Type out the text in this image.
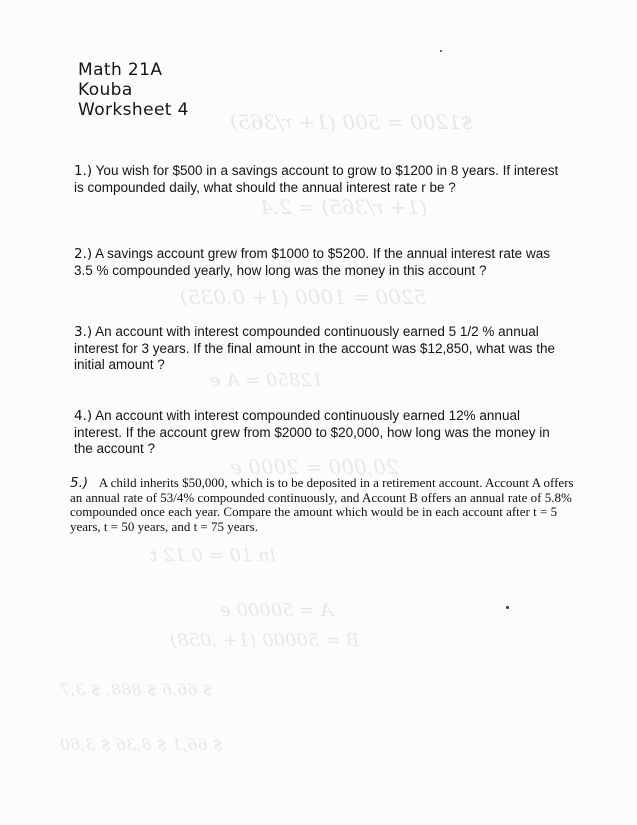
$1200 = 500 (1+ r/365)
(1+ r/365) = 2.4
5200 = 1000 (1+ 0.035)
12850 = A e
20,000 = 2000 e
ln 10 = 0.12 t
A = 50000 e
B = 50000 (1+ .058)
$ 66,6 $ 888, $ 3,7
$ 66,1 $ 8,36 $ 3,60
Math 21A
Kouba
Worksheet 4
1.) You wish for $500 in a savings account to grow to $1200 in 8 years. If interest is compounded daily, what should the annual interest rate r be ?
2.) A savings account grew from $1000 to $5200. If the annual interest rate was 3.5 % compounded yearly, how long was the money in this account ?
3.) An account with interest compounded continuously earned 5 1/2 % annual interest for 3 years. If the final amount in the account was $12,850, what was the initial amount ?
4.) An account with interest compounded continuously earned 12% annual interest. If the account grew from $2000 to $20,000, how long was the money in the account ?
5.) A child inherits $50,000, which is to be deposited in a retirement account. Account A offers an annual rate of 53/4% compounded continuously, and Account B offers an annual rate of 5.8% compounded once each year. Compare the amount which would be in each account after t = 5 years, t = 50 years, and t = 75 years.
